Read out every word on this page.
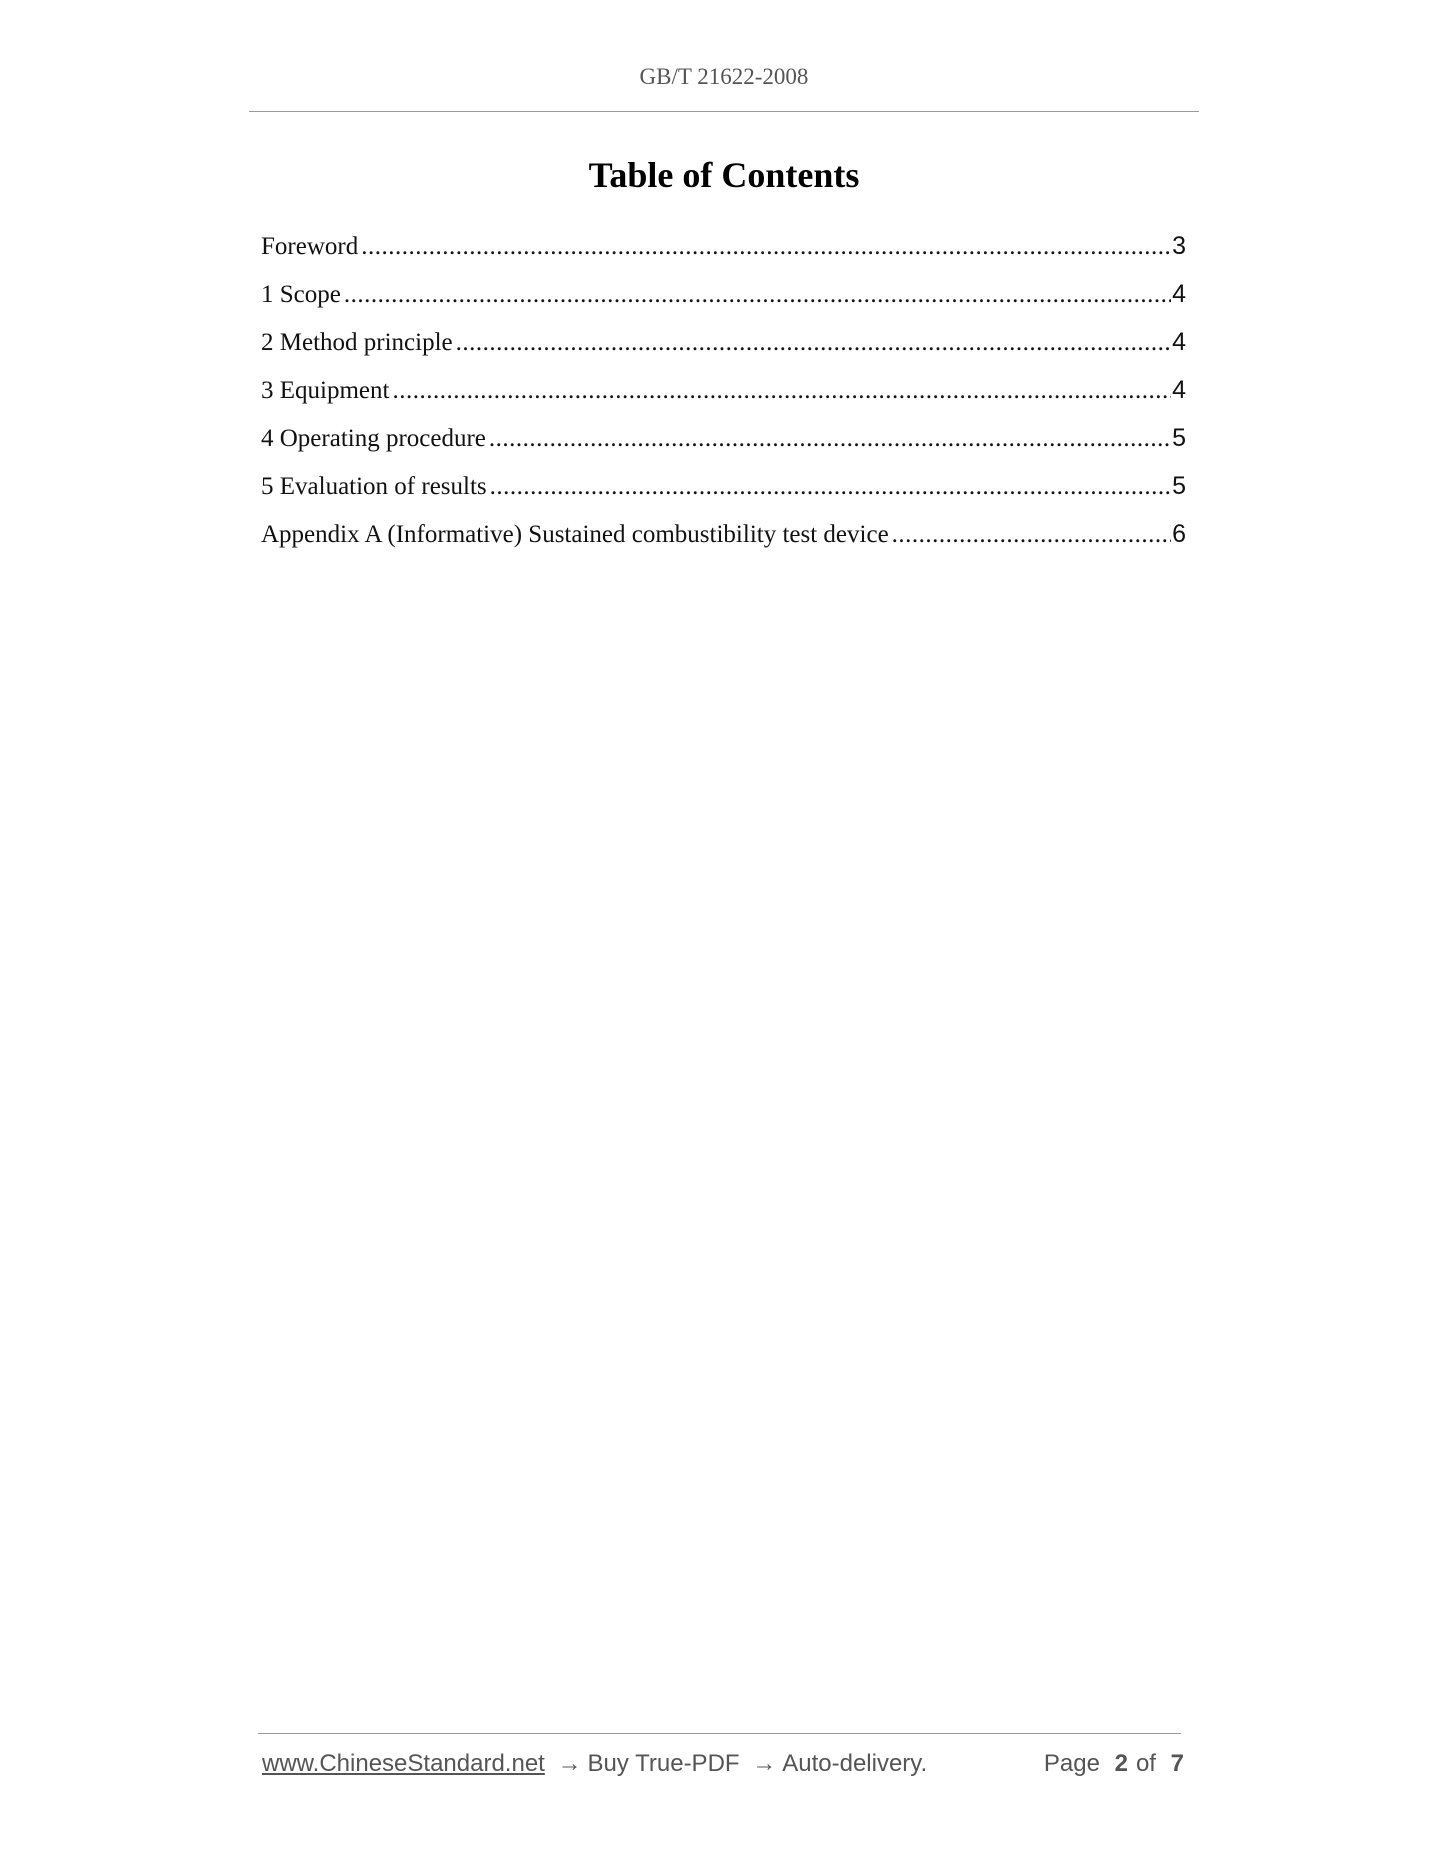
GB/T 21622-2008
Table of Contents
Foreword .....	3
1 Scope .....	4
2 Method principle .....	4
3 Equipment .....	4
4 Operating procedure .....	5
5 Evaluation of results .....	5
Appendix A (Informative) Sustained combustibility test device .....	6
www.ChineseStandard.net → Buy True-PDF → Auto-delivery.	Page 2 of 7
